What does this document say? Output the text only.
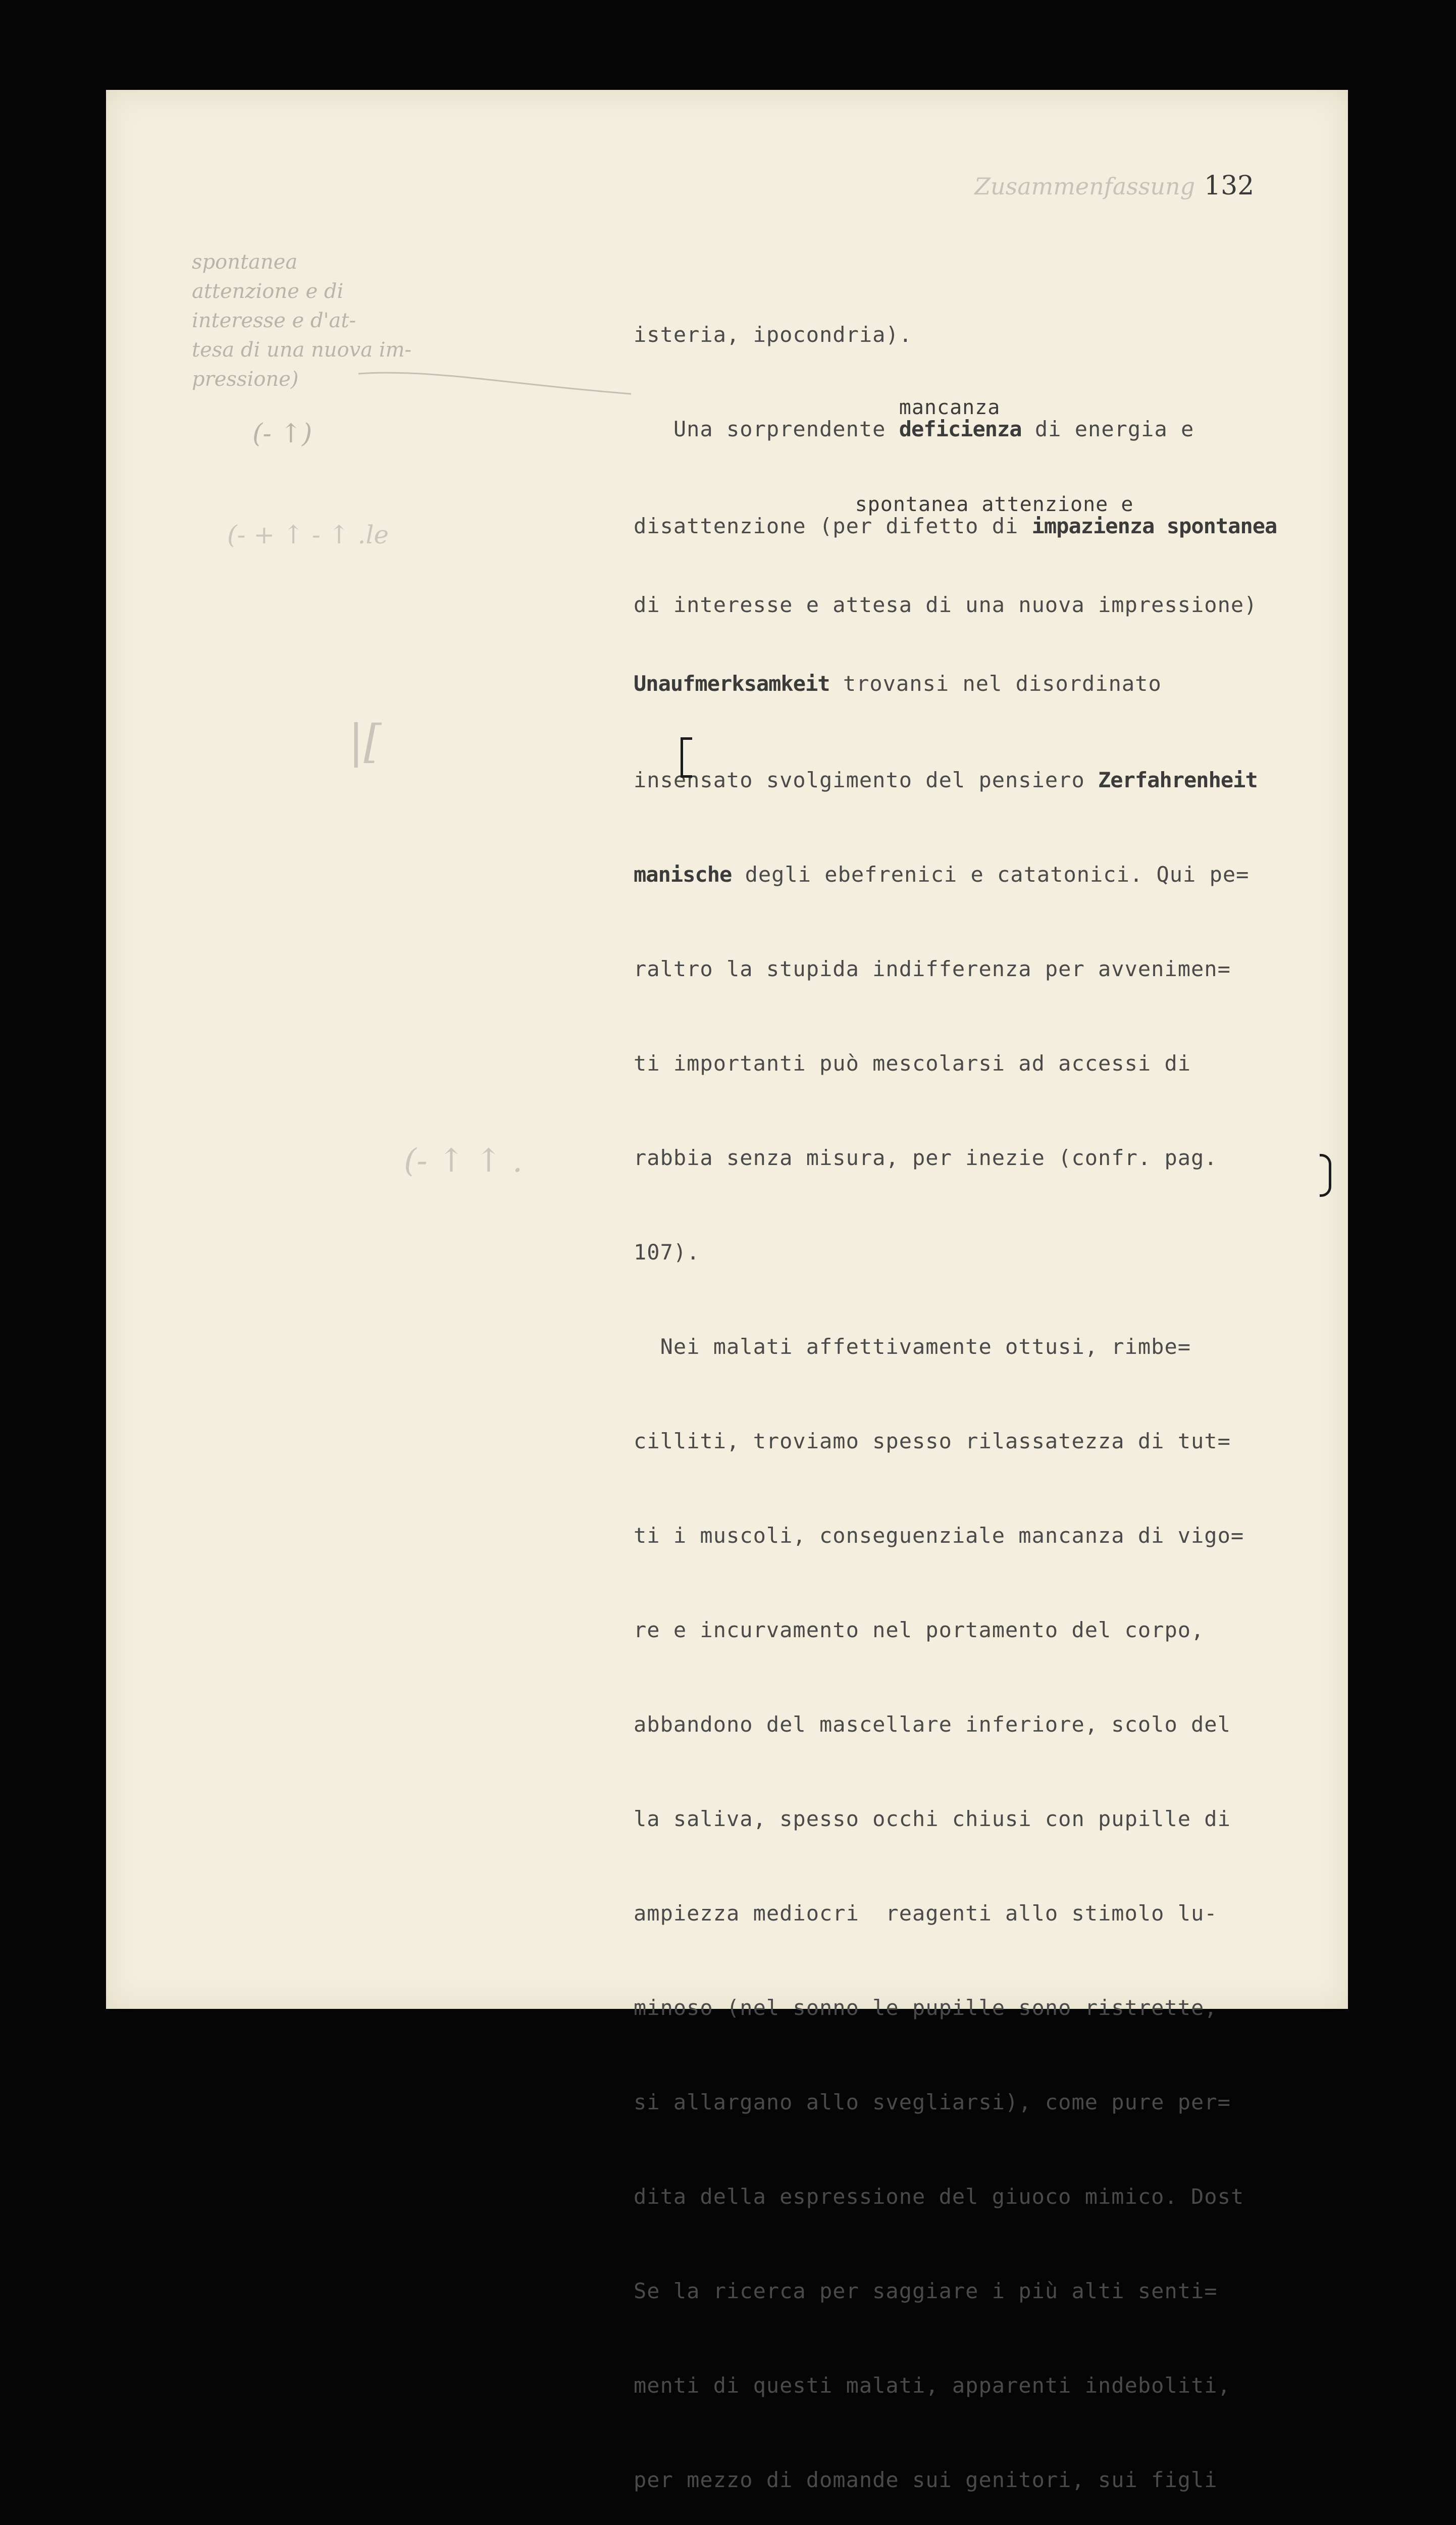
132
Zusammenfassung
spontanea
attenzione e di
interesse e d'at-
tesa di una nuova im-
pressione)
(- ↑)
(- + ↑ - ↑ .le
|[
(- ↑ ↑ .

isteria, ipocondria).

Una sorprendente
mancanza
deficienza di energia e

disattenzione (per difetto di
spontanea attenzione e
impazienza spontanea

di interesse e attesa di una nuova impressione)

Unaufmerksamkeit trovansi nel disordinato

insensato svolgimento del pensiero Zerfahrenheit

manische degli ebefrenici e catatonici. Qui pe=

raltro la stupida indifferenza per avvenimen=

ti importanti può mescolarsi ad accessi di

rabbia senza misura, per inezie (confr. pag.

107).

Nei malati affettivamente ottusi, rimbe=

cilliti, troviamo spesso rilassatezza di tut=

ti i muscoli, conseguenziale mancanza di vigo=

re e incurvamento nel portamento del corpo,

abbandono del mascellare inferiore, scolo del

la saliva, spesso occhi chiusi con pupille di

ampiezza mediocri  reagenti allo stimolo lu-

minoso (nel sonno le pupille sono ristrette,

si allargano allo svegliarsi), come pure per=

dita della espressione del giuoco mimico. Dost

Se la ricerca per saggiare i più alti senti=

menti di questi malati, apparenti indeboliti,

per mezzo di domande sui genitori, sui figli
